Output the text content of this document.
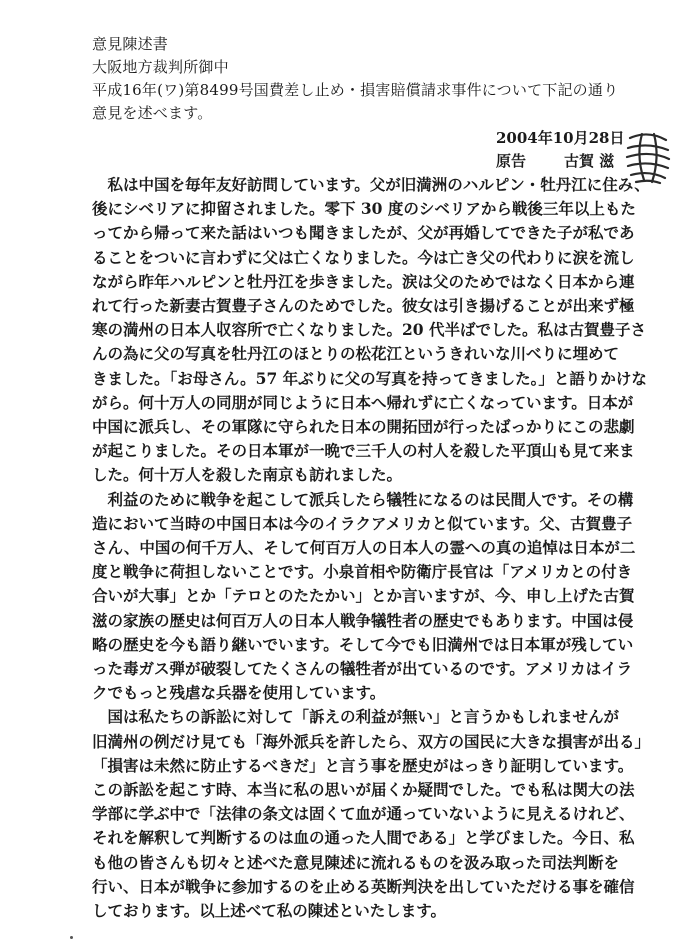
意見陳述書
大阪地方裁判所御中
平成16年(ワ)第8499号国費差し止め・損害賠償請求事件について下記の通り
意見を述べます。
2004年10月28日
原告	古賀 滋
　私は中国を毎年友好訪問しています。父が旧満洲のハルピン・牡丹江に住み、
後にシベリアに抑留されました。零下 30 度のシベリアから戦後三年以上もた
ってから帰って来た話はいつも聞きましたが、父が再婚してできた子が私であ
ることをついに言わずに父は亡くなりました。今は亡き父の代わりに涙を流し
ながら昨年ハルピンと牡丹江を歩きました。涙は父のためではなく日本から連
れて行った新妻古賀豊子さんのためでした。彼女は引き揚げることが出来ず極
寒の満州の日本人収容所で亡くなりました。20 代半ばでした。私は古賀豊子さ
んの為に父の写真を牡丹江のほとりの松花江というきれいな川べりに埋めて
きました。「お母さん。57 年ぶりに父の写真を持ってきました。」と語りかけな
がら。何十万人の同朋が同じように日本へ帰れずに亡くなっています。日本が
中国に派兵し、その軍隊に守られた日本の開拓団が行ったばっかりにこの悲劇
が起こりました。その日本軍が一晩で三千人の村人を殺した平頂山も見て来ま
した。何十万人を殺した南京も訪れました。
　利益のために戦争を起こして派兵したら犠牲になるのは民間人です。その構
造において当時の中国日本は今のイラクアメリカと似ています。父、古賀豊子
さん、中国の何千万人、そして何百万人の日本人の霊への真の追悼は日本が二
度と戦争に荷担しないことです。小泉首相や防衛庁長官は「アメリカとの付き
合いが大事」とか「テロとのたたかい」とか言いますが、今、申し上げた古賀
滋の家族の歴史は何百万人の日本人戦争犠牲者の歴史でもあります。中国は侵
略の歴史を今も語り継いでいます。そして今でも旧満州では日本軍が残してい
った毒ガス弾が破裂してたくさんの犠牲者が出ているのです。アメリカはイラ
クでもっと残虐な兵器を使用しています。
　国は私たちの訴訟に対して「訴えの利益が無い」と言うかもしれませんが
旧満州の例だけ見ても「海外派兵を許したら、双方の国民に大きな損害が出る」
「損害は未然に防止するべきだ」と言う事を歴史がはっきり証明しています。
この訴訟を起こす時、本当に私の思いが届くか疑問でした。でも私は関大の法
学部に学ぶ中で「法律の条文は固くて血が通っていないように見えるけれど、
それを解釈して判断するのは血の通った人間である」と学びました。今日、私
も他の皆さんも切々と述べた意見陳述に流れるものを汲み取った司法判断を
行い、日本が戦争に参加するのを止める英断判決を出していただける事を確信
しております。以上述べて私の陳述といたします。
